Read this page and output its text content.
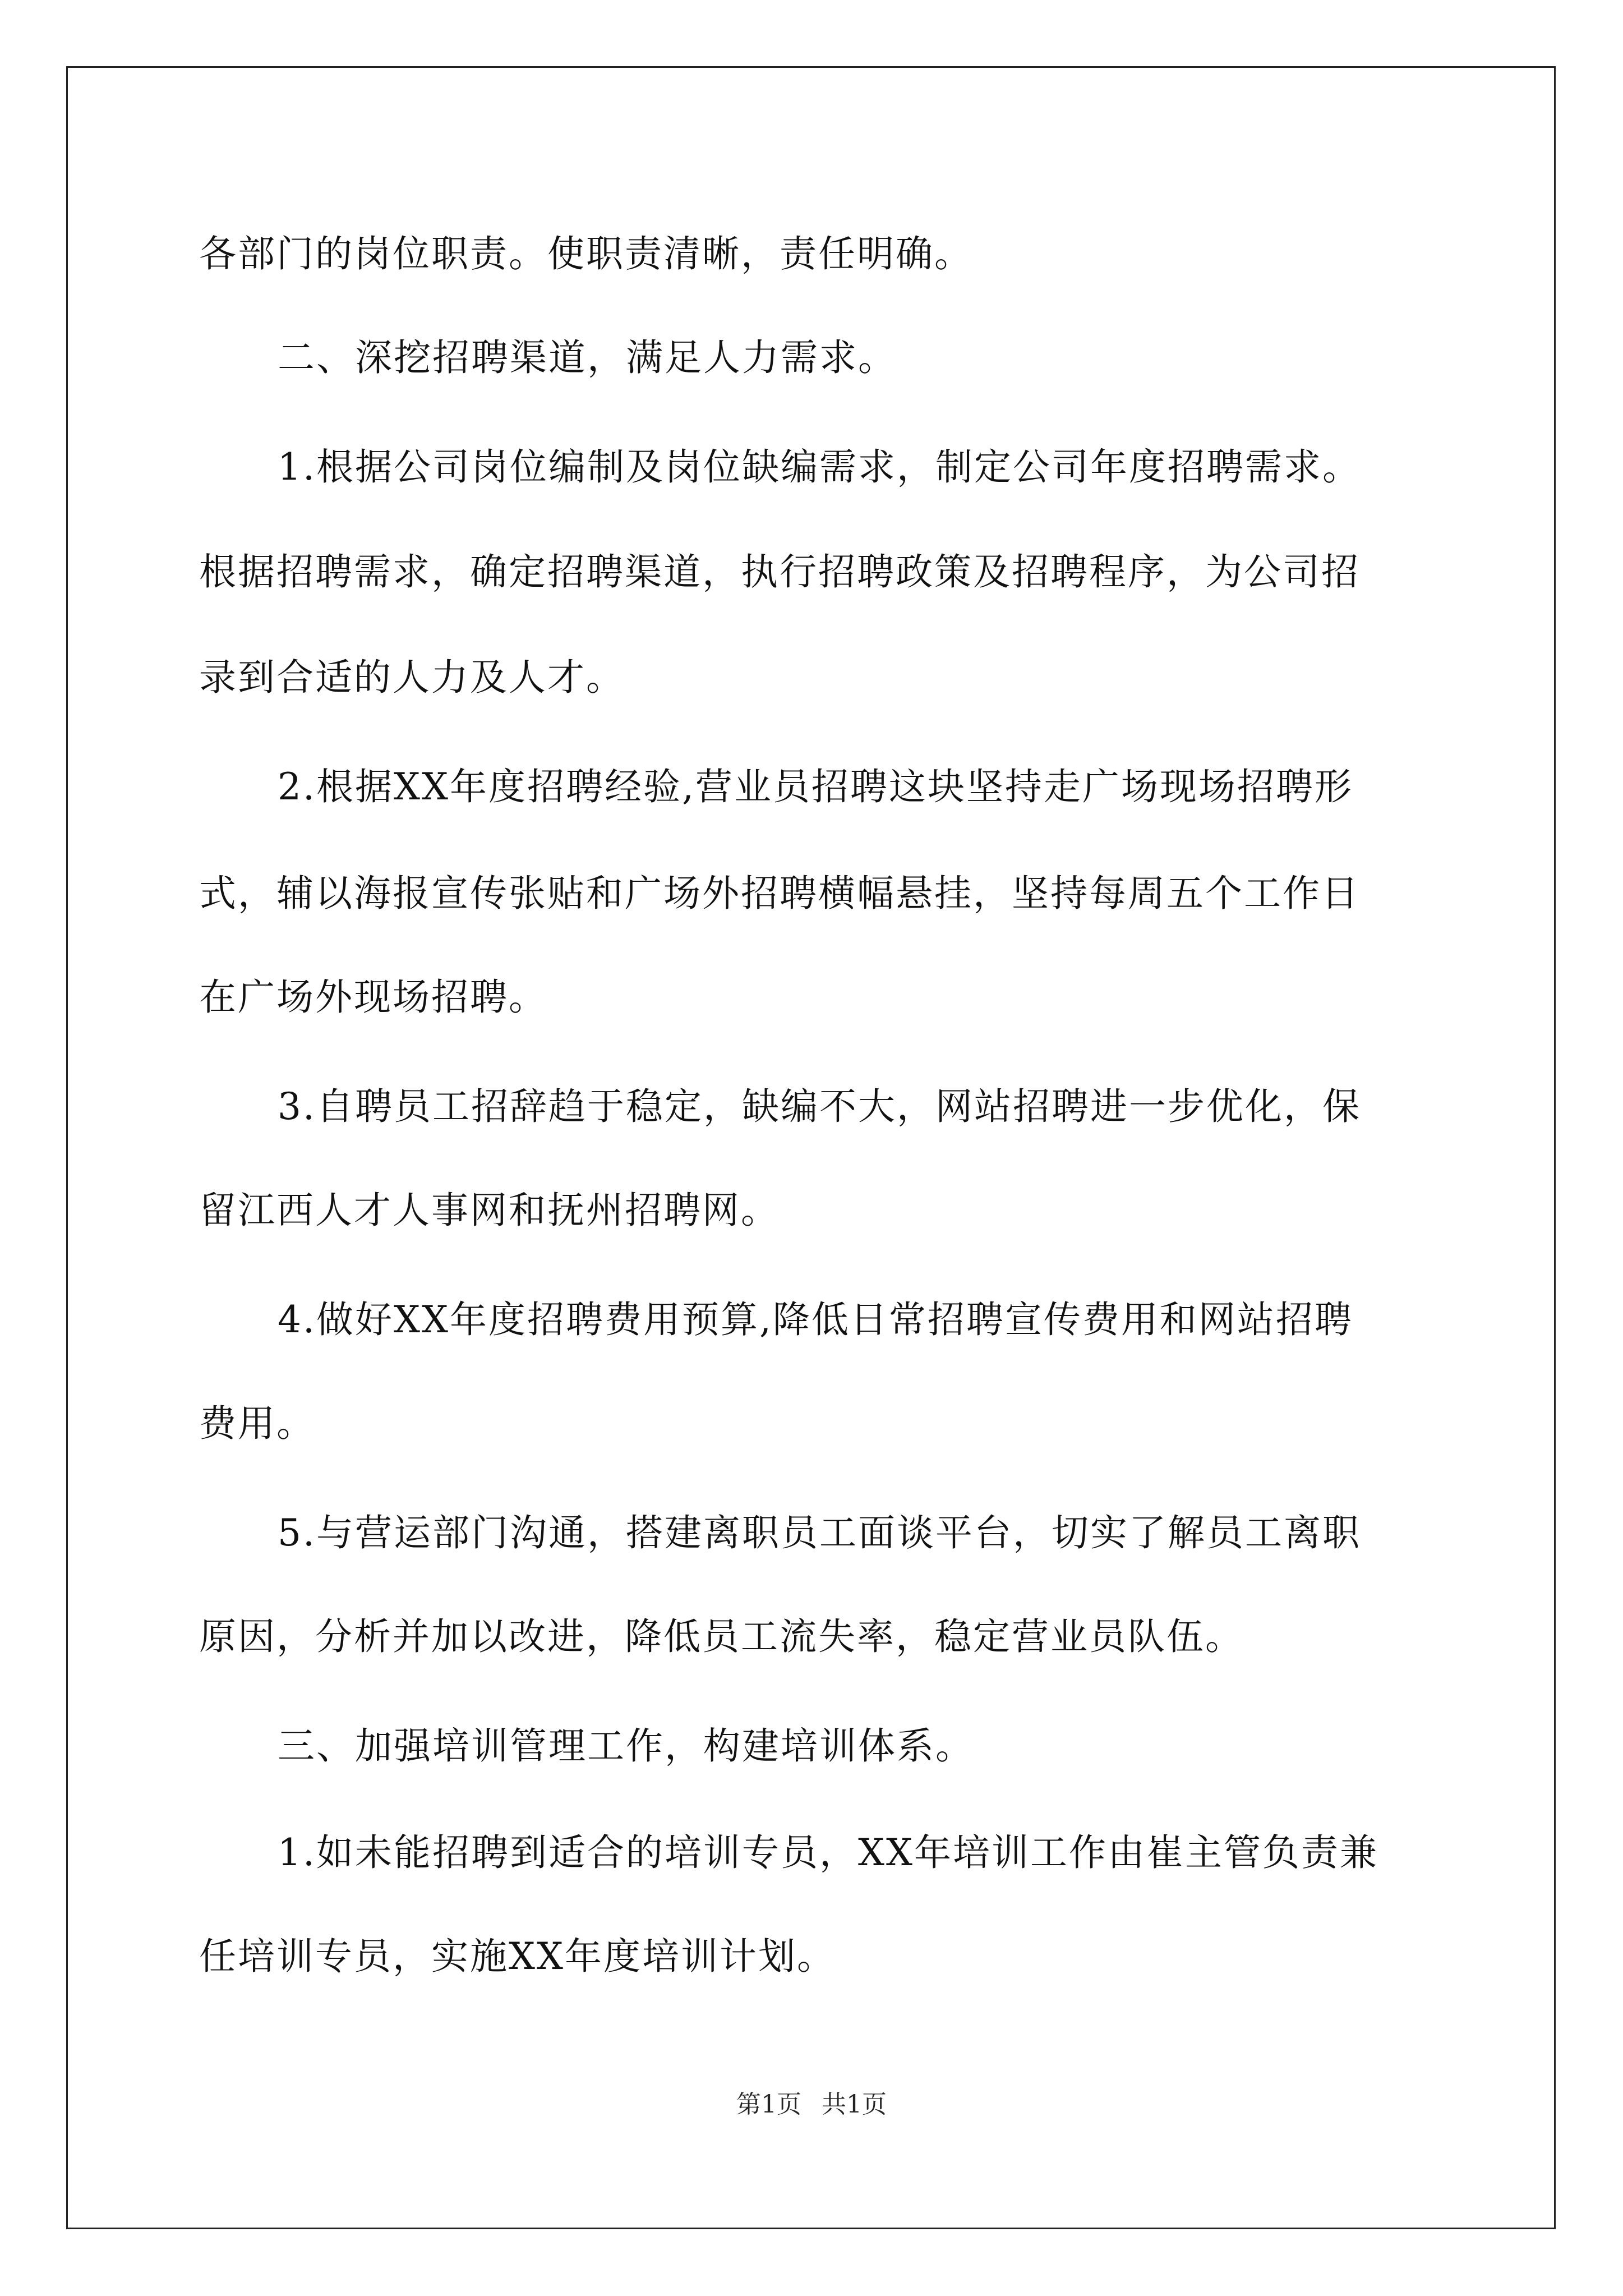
各部门的岗位职责。使职责清晰，责任明确。
二、深挖招聘渠道，满足人力需求。
1.根据公司岗位编制及岗位缺编需求，制定公司年度招聘需求。
根据招聘需求，确定招聘渠道，执行招聘政策及招聘程序，为公司招
录到合适的人力及人才。
2.根据XX年度招聘经验,营业员招聘这块坚持走广场现场招聘形
式，辅以海报宣传张贴和广场外招聘横幅悬挂，坚持每周五个工作日
在广场外现场招聘。
3.自聘员工招辞趋于稳定，缺编不大，网站招聘进一步优化，保
留江西人才人事网和抚州招聘网。
4.做好XX年度招聘费用预算,降低日常招聘宣传费用和网站招聘
费用。
5.与营运部门沟通，搭建离职员工面谈平台，切实了解员工离职
原因，分析并加以改进，降低员工流失率，稳定营业员队伍。
三、加强培训管理工作，构建培训体系。
1.如未能招聘到适合的培训专员，XX年培训工作由崔主管负责兼
任培训专员，实施XX年度培训计划。
第1页 共1页
